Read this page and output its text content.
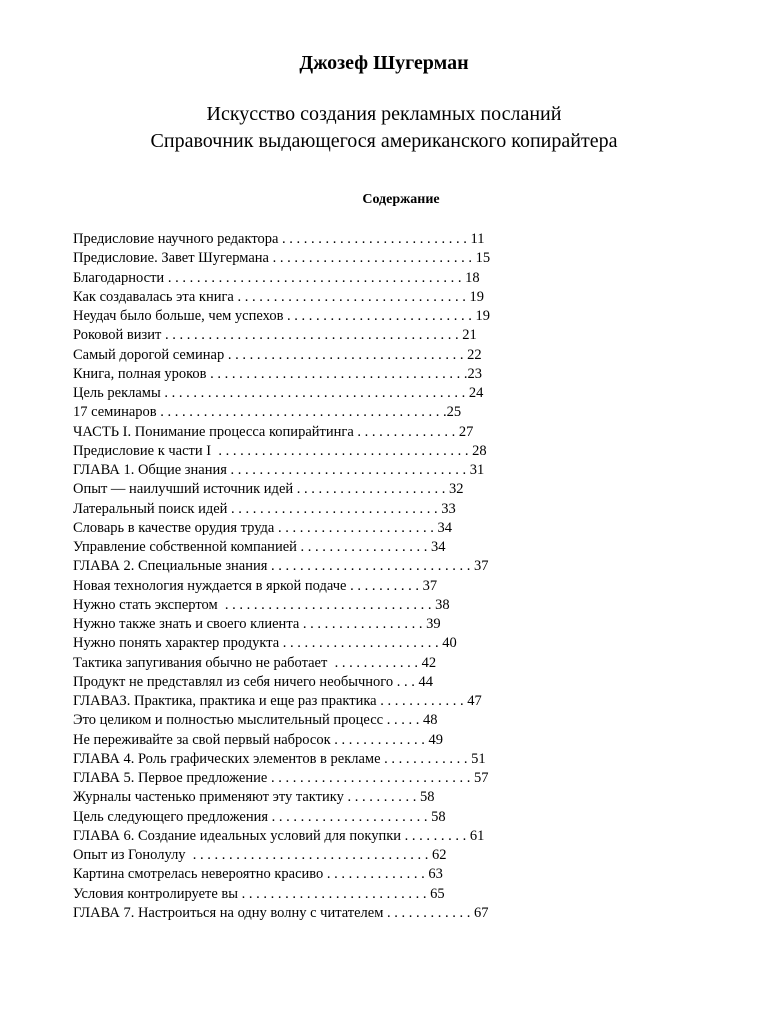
Джозеф Шугерман
Искусство создания рекламных посланий
Справочник выдающегося американского копирайтера
Содержание
Предисловие научного редактора . . . . . . . . . . . . . . . . . . . . . . . . . . 11
Предисловие. Завет Шугермана . . . . . . . . . . . . . . . . . . . . . . . . . . . . 15
Благодарности . . . . . . . . . . . . . . . . . . . . . . . . . . . . . . . . . . . . . . . . . 18
Как создавалась эта книга . . . . . . . . . . . . . . . . . . . . . . . . . . . . . . . . 19
Неудач было больше, чем успехов . . . . . . . . . . . . . . . . . . . . . . . . . . 19
Роковой визит . . . . . . . . . . . . . . . . . . . . . . . . . . . . . . . . . . . . . . . . . 21
Самый дорогой семинар . . . . . . . . . . . . . . . . . . . . . . . . . . . . . . . . . 22
Книга, полная уроков . . . . . . . . . . . . . . . . . . . . . . . . . . . . . . . . . . . .23
Цель рекламы . . . . . . . . . . . . . . . . . . . . . . . . . . . . . . . . . . . . . . . . . . 24
17 семинаров . . . . . . . . . . . . . . . . . . . . . . . . . . . . . . . . . . . . . . . .25
ЧАСТЬ I. Понимание процесса копирайтинга . . . . . . . . . . . . . . 27
Предисловие к части I  . . . . . . . . . . . . . . . . . . . . . . . . . . . . . . . . . . . 28
ГЛАВА 1. Общие знания . . . . . . . . . . . . . . . . . . . . . . . . . . . . . . . . . 31
Опыт — наилучший источник идей . . . . . . . . . . . . . . . . . . . . . 32
Латеральный поиск идей . . . . . . . . . . . . . . . . . . . . . . . . . . . . . 33
Словарь в качестве орудия труда . . . . . . . . . . . . . . . . . . . . . . 34
Управление собственной компанией . . . . . . . . . . . . . . . . . . 34
ГЛАВА 2. Специальные знания . . . . . . . . . . . . . . . . . . . . . . . . . . . . 37
Новая технология нуждается в яркой подаче . . . . . . . . . . 37
Нужно стать экспертом  . . . . . . . . . . . . . . . . . . . . . . . . . . . . . 38
Нужно также знать и своего клиента . . . . . . . . . . . . . . . . . 39
Нужно понять характер продукта . . . . . . . . . . . . . . . . . . . . . . 40
Тактика запугивания обычно не работает  . . . . . . . . . . . . 42
Продукт не представлял из себя ничего необычного . . . 44
ГЛАВАЗ. Практика, практика и еще раз практика . . . . . . . . . . . . 47
Это целиком и полностью мыслительный процесс . . . . . 48
Не переживайте за свой первый набросок . . . . . . . . . . . . . 49
ГЛАВА 4. Роль графических элементов в рекламе . . . . . . . . . . . . 51
ГЛАВА 5. Первое предложение . . . . . . . . . . . . . . . . . . . . . . . . . . . . 57
Журналы частенько применяют эту тактику . . . . . . . . . . 58
Цель следующего предложения . . . . . . . . . . . . . . . . . . . . . . 58
ГЛАВА 6. Создание идеальных условий для покупки . . . . . . . . . 61
Опыт из Гонолулу  . . . . . . . . . . . . . . . . . . . . . . . . . . . . . . . . . 62
Картина смотрелась невероятно красиво . . . . . . . . . . . . . . 63
Условия контролируете вы . . . . . . . . . . . . . . . . . . . . . . . . . . 65
ГЛАВА 7. Настроиться на одну волну с читателем . . . . . . . . . . . . 67
